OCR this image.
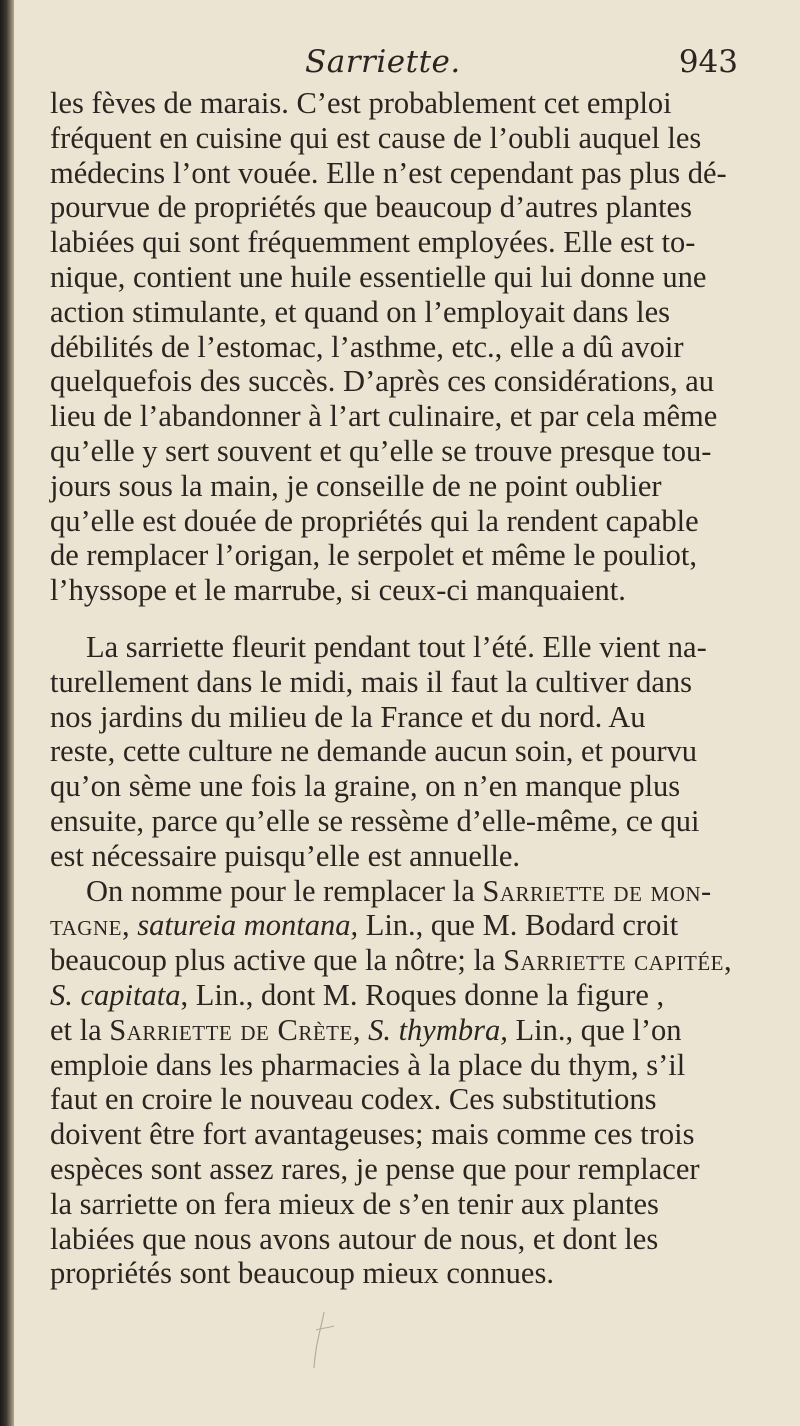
Sarriette.	943
les fèves de marais. C’est probablement cet emploi
fréquent en cuisine qui est cause de l’oubli auquel les
médecins l’ont vouée. Elle n’est cependant pas plus dé-
pourvue de propriétés que beaucoup d’autres plantes
labiées qui sont fréquemment employées. Elle est to-
nique, contient une huile essentielle qui lui donne une
action stimulante, et quand on l’employait dans les
débilités de l’estomac, l’asthme, etc., elle a dû avoir
quelquefois des succès. D’après ces considérations, au
lieu de l’abandonner à l’art culinaire, et par cela même
qu’elle y sert souvent et qu’elle se trouve presque tou-
jours sous la main, je conseille de ne point oublier
qu’elle est douée de propriétés qui la rendent capable
de remplacer l’origan, le serpolet et même le pouliot,
l’hyssope et le marrube, si ceux-ci manquaient.
La sarriette fleurit pendant tout l’été. Elle vient na-
turellement dans le midi, mais il faut la cultiver dans
nos jardins du milieu de la France et du nord. Au
reste, cette culture ne demande aucun soin, et pourvu
qu’on sème une fois la graine, on n’en manque plus
ensuite, parce qu’elle se ressème d’elle-même, ce qui
est nécessaire puisqu’elle est annuelle.
On nomme pour le remplacer la Sarriette de mon-
tagne, satureia montana, Lin., que M. Bodard croit
beaucoup plus active que la nôtre; la Sarriette capitée,
S. capitata, Lin., dont M. Roques donne la figure ,
et la Sarriette de Crète, S. thymbra, Lin., que l’on
emploie dans les pharmacies à la place du thym, s’il
faut en croire le nouveau codex. Ces substitutions
doivent être fort avantageuses; mais comme ces trois
espèces sont assez rares, je pense que pour remplacer
la sarriette on fera mieux de s’en tenir aux plantes
labiées que nous avons autour de nous, et dont les
propriétés sont beaucoup mieux connues.
